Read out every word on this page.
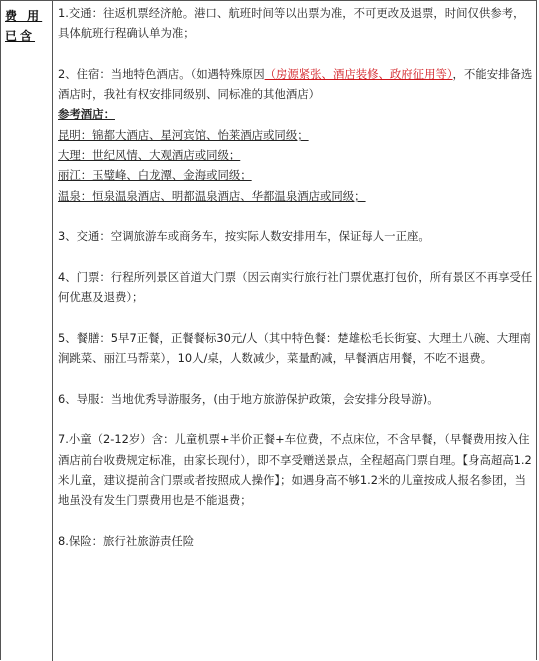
费 用
已含

1.交通：往返机票经济舱。港口、航班时间等以出票为准，不可更改及退票，时间仅供参考，具体航班行程确认单为准；

2、住宿：当地特色酒店。（如遇特殊原因（房源紧张、酒店装修、政府征用等），不能安排备选酒店时，我社有权安排同级别、同标准的其他酒店）

参考酒店：

昆明：锦都大酒店、星河宾馆、怡莱酒店或同级；

大理：世纪风情、大观酒店或同级；

丽江：玉璧峰、白龙潭、金海或同级；

温泉：恒泉温泉酒店、明都温泉酒店、华都温泉酒店或同级；

3、交通：空调旅游车或商务车，按实际人数安排用车，保证每人一正座。

4、门票：行程所列景区首道大门票（因云南实行旅行社门票优惠打包价，所有景区不再享受任何优惠及退费）；

5、餐膳：5早7正餐，正餐餐标30元/人（其中特色餐：楚雄松毛长街宴、大理土八碗、大理南涧跳菜、丽江马帮菜），10人/桌，人数减少，菜量酌减，早餐酒店用餐，不吃不退费。

6、导服：当地优秀导游服务，(由于地方旅游保护政策，会安排分段导游)。

7.小童（2-12岁）含：儿童机票+半价正餐+车位费，不点床位，不含早餐，（早餐费用按入住酒店前台收费规定标准，由家长现付），即不享受赠送景点，全程超高门票自理。【身高超高1.2米儿童，建议提前含门票或者按照成人操作】；如遇身高不够1.2米的儿童按成人报名参团，当地虽没有发生门票费用也是不能退费；

8.保险：旅行社旅游责任险
